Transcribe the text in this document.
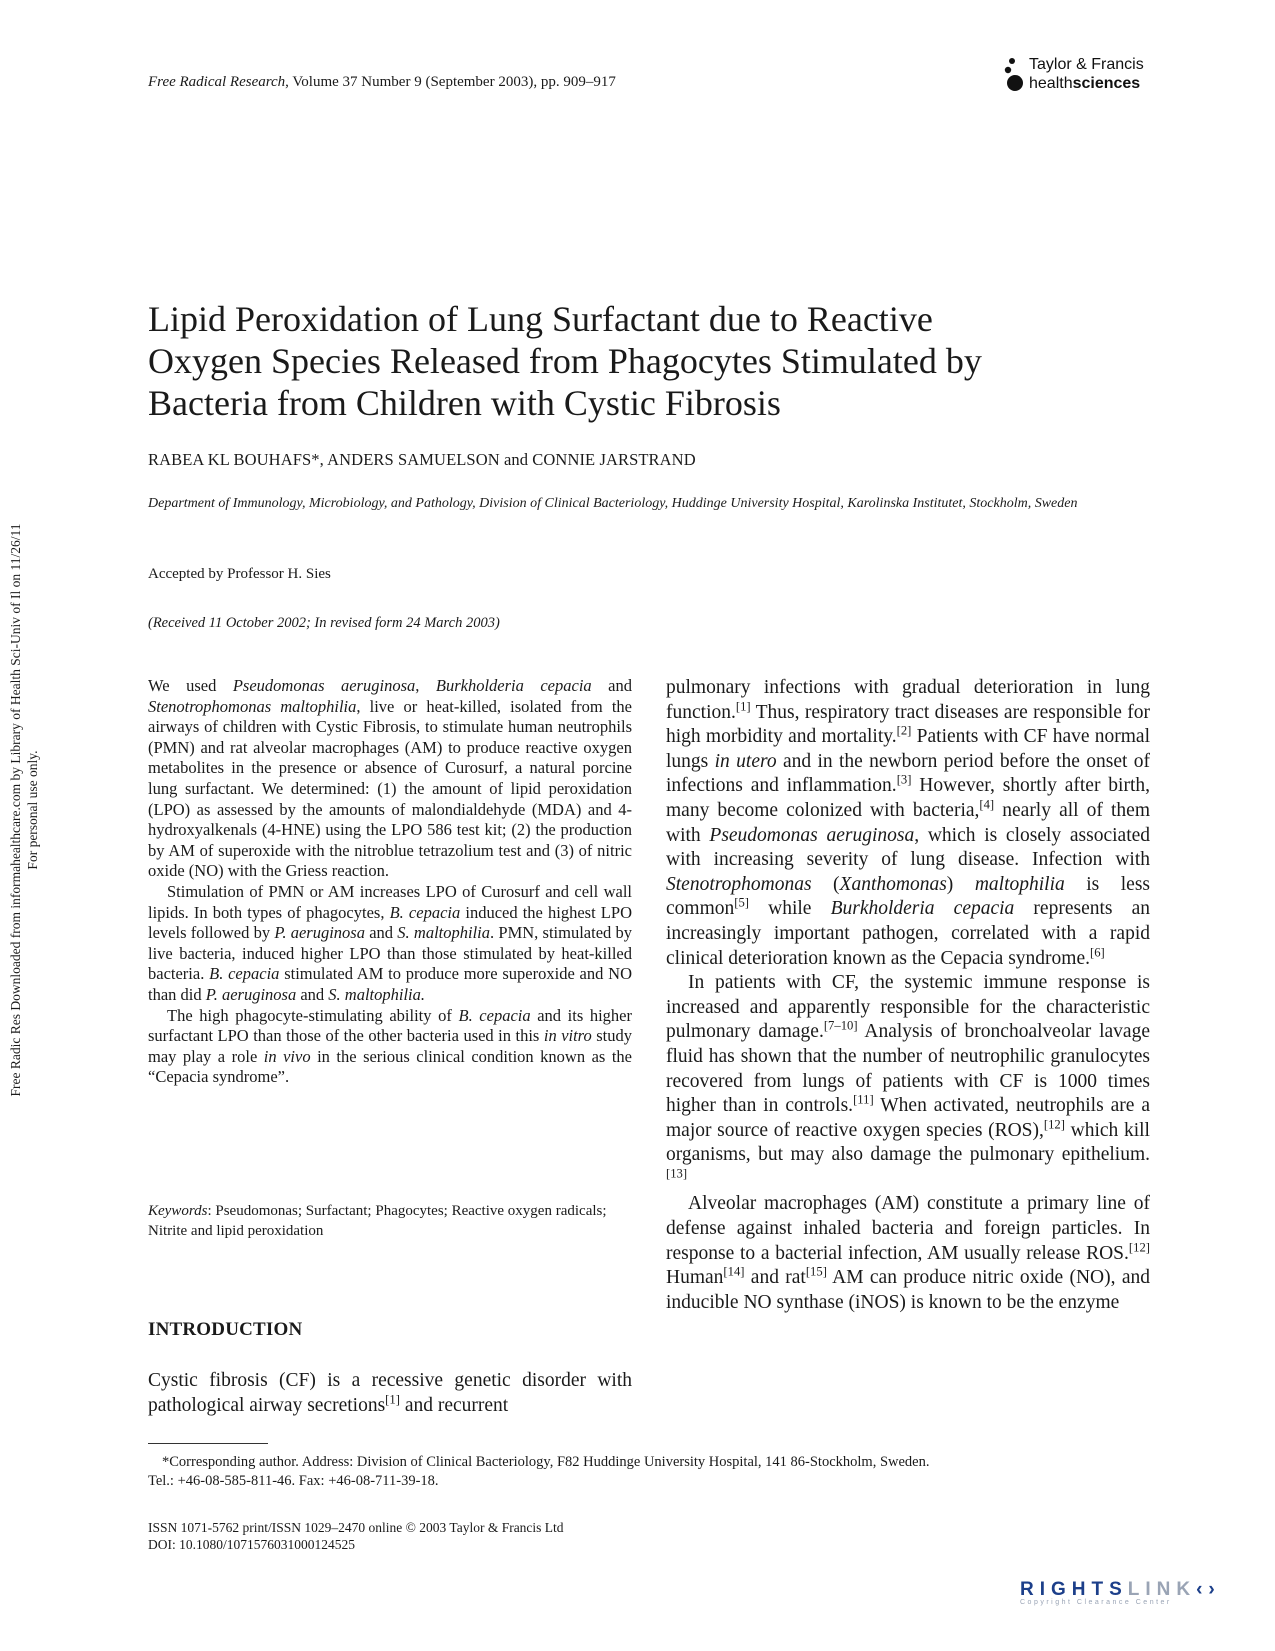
Free Radical Research, Volume 37 Number 9 (September 2003), pp. 909–917
Taylor & Francis
healthsciences
Free Radic Res Downloaded from informahealthcare.com by Library of Health Sci-Univ of Il on 11/26/11 For personal use only.
Lipid Peroxidation of Lung Surfactant due to Reactive
Oxygen Species Released from Phagocytes Stimulated by
Bacteria from Children with Cystic Fibrosis
RABEA KL BOUHAFS*, ANDERS SAMUELSON and CONNIE JARSTRAND
Department of Immunology, Microbiology, and Pathology, Division of Clinical Bacteriology, Huddinge University Hospital, Karolinska Institutet, Stockholm, Sweden
Accepted by Professor H. Sies
(Received 11 October 2002; In revised form 24 March 2003)

We used Pseudomonas aeruginosa, Burkholderia cepacia and Stenotrophomonas maltophilia, live or heat-killed, isolated from the airways of children with Cystic Fibrosis, to stimulate human neutrophils (PMN) and rat alveolar macrophages (AM) to produce reactive oxygen metabolites in the presence or absence of Curosurf, a natural porcine lung surfactant. We determined: (1) the amount of lipid peroxidation (LPO) as assessed by the amounts of malondialdehyde (MDA) and 4-hydroxyalkenals (4-HNE) using the LPO 586 test kit; (2) the production by AM of superoxide with the nitroblue tetrazolium test and (3) of nitric oxide (NO) with the Griess reaction.

Stimulation of PMN or AM increases LPO of Curosurf and cell wall lipids. In both types of phagocytes, B. cepacia induced the highest LPO levels followed by P. aeruginosa and S. maltophilia. PMN, stimulated by live bacteria, induced higher LPO than those stimulated by heat-killed bacteria. B. cepacia stimulated AM to produce more superoxide and NO than did P. aeruginosa and S. maltophilia.

The high phagocyte-stimulating ability of B. cepacia and its higher surfactant LPO than those of the other bacteria used in this in vitro study may play a role in vivo in the serious clinical condition known as the “Cepacia syndrome”.

Keywords: Pseudomonas; Surfactant; Phagocytes; Reactive oxygen radicals; Nitrite and lipid peroxidation
INTRODUCTION
Cystic fibrosis (CF) is a recessive genetic disorder with pathological airway secretions[1] and recurrent

pulmonary infections with gradual deterioration in lung function.[1] Thus, respiratory tract diseases are responsible for high morbidity and mortality.[2] Patients with CF have normal lungs in utero and in the newborn period before the onset of infections and inflammation.[3] However, shortly after birth, many become colonized with bacteria,[4] nearly all of them with Pseudomonas aeruginosa, which is closely associated with increasing severity of lung disease. Infection with Stenotrophomonas (Xanthomonas) maltophilia is less common[5] while Burkholderia cepacia represents an increasingly important pathogen, correlated with a rapid clinical deterioration known as the Cepacia syndrome.[6]

In patients with CF, the systemic immune response is increased and apparently responsible for the characteristic pulmonary damage.[7–10] Analysis of bronchoalveolar lavage fluid has shown that the number of neutrophilic granulocytes recovered from lungs of patients with CF is 1000 times higher than in controls.[11] When activated, neutrophils are a major source of reactive oxygen species (ROS),[12] which kill organisms, but may also damage the pulmonary epithelium.[13]

Alveolar macrophages (AM) constitute a primary line of defense against inhaled bacteria and foreign particles. In response to a bacterial infection, AM usually release ROS.[12] Human[14] and rat[15] AM can produce nitric oxide (NO), and inducible NO synthase (iNOS) is known to be the enzyme

*Corresponding author. Address: Division of Clinical Bacteriology, F82 Huddinge University Hospital, 141 86-Stockholm, Sweden.
Tel.: +46-08-585-811-46. Fax: +46-08-711-39-18.
ISSN 1071-5762 print/ISSN 1029–2470 online © 2003 Taylor & Francis Ltd
DOI: 10.1080/1071576031000124525
RIGHTSLINK‹›
Copyright Clearance Center
